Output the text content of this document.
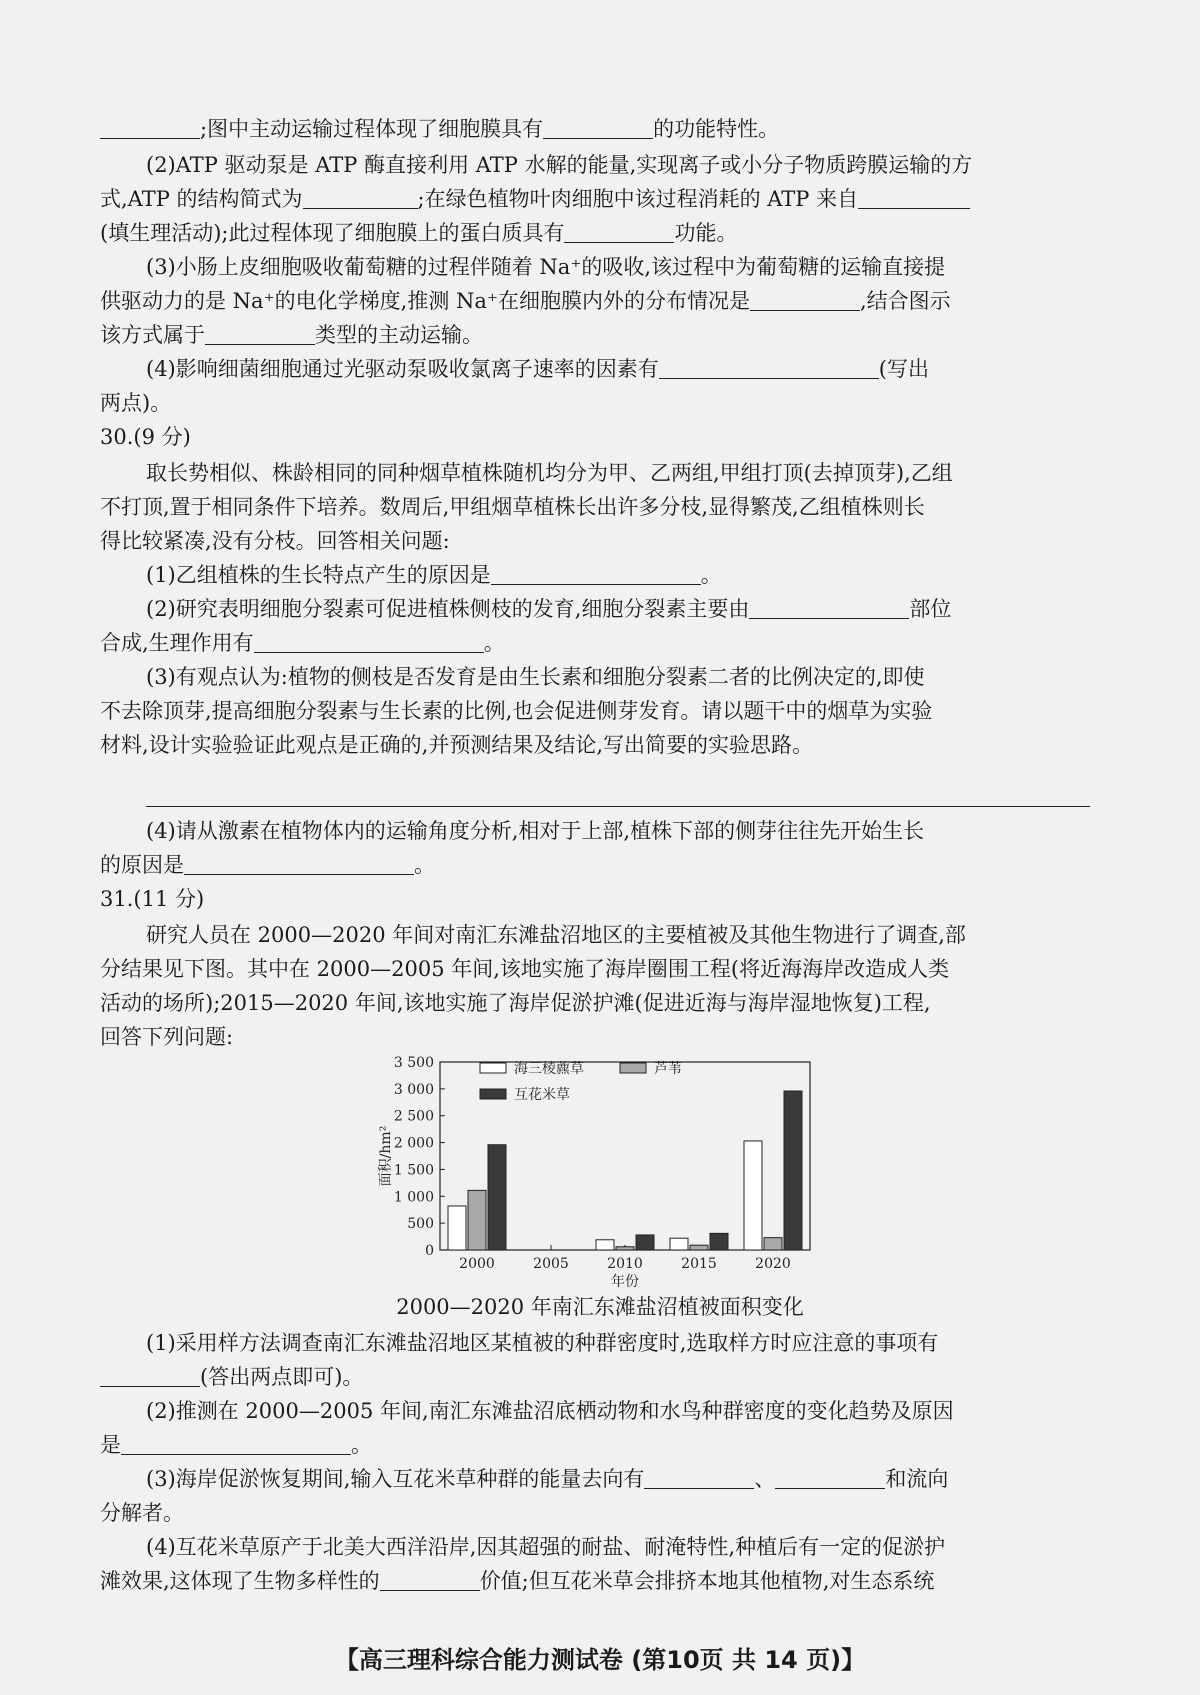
;图中主动运输过程体现了细胞膜具有	的功能特性。
(2)ATP 驱动泵是 ATP 酶直接利用 ATP 水解的能量,实现离子或小分子物质跨膜运输的方
式,ATP 的结构简式为	;在绿色植物叶肉细胞中该过程消耗的 ATP 来自
(填生理活动);此过程体现了细胞膜上的蛋白质具有	功能。
(3)小肠上皮细胞吸收葡萄糖的过程伴随着 Na⁺的吸收,该过程中为葡萄糖的运输直接提
供驱动力的是 Na⁺的电化学梯度,推测 Na⁺在细胞膜内外的分布情况是	,结合图示
该方式属于	类型的主动运输。
(4)影响细菌细胞通过光驱动泵吸收氯离子速率的因素有	(写出
两点)。
30.(9 分)
取长势相似、株龄相同的同种烟草植株随机均分为甲、乙两组,甲组打顶(去掉顶芽),乙组
不打顶,置于相同条件下培养。数周后,甲组烟草植株长出许多分枝,显得繁茂,乙组植株则长
得比较紧凑,没有分枝。回答相关问题:
(1)乙组植株的生长特点产生的原因是	。
(2)研究表明细胞分裂素可促进植株侧枝的发育,细胞分裂素主要由	部位
合成,生理作用有	。
(3)有观点认为:植物的侧枝是否发育是由生长素和细胞分裂素二者的比例决定的,即使
不去除顶芽,提高细胞分裂素与生长素的比例,也会促进侧芽发育。请以题干中的烟草为实验
材料,设计实验验证此观点是正确的,并预测结果及结论,写出简要的实验思路。
(4)请从激素在植物体内的运输角度分析,相对于上部,植株下部的侧芽往往先开始生长
的原因是	。
31.(11 分)
研究人员在 2000—2020 年间对南汇东滩盐沼地区的主要植被及其他生物进行了调查,部
分结果见下图。其中在 2000—2005 年间,该地实施了海岸圈围工程(将近海海岸改造成人类
活动的场所);2015—2020 年间,该地实施了海岸促淤护滩(促进近海与海岸湿地恢复)工程,
回答下列问题:
0
500
1 000
1 500
2 000
2 500
3 000
3 500
面积/hm²
2000	2005	2010	2015	2020
年份
海三棱藨草	芦苇
互花米草
2000—2020 年南汇东滩盐沼植被面积变化
(1)采用样方法调查南汇东滩盐沼地区某植被的种群密度时,选取样方时应注意的事项有
(答出两点即可)。
(2)推测在 2000—2005 年间,南汇东滩盐沼底栖动物和水鸟种群密度的变化趋势及原因
是	。
(3)海岸促淤恢复期间,输入互花米草种群的能量去向有	、	和流向
分解者。
(4)互花米草原产于北美大西洋沿岸,因其超强的耐盐、耐淹特性,种植后有一定的促淤护
滩效果,这体现了生物多样性的	价值;但互花米草会排挤本地其他植物,对生态系统
【高三理科综合能力测试卷 (第10页 共 14 页)】
